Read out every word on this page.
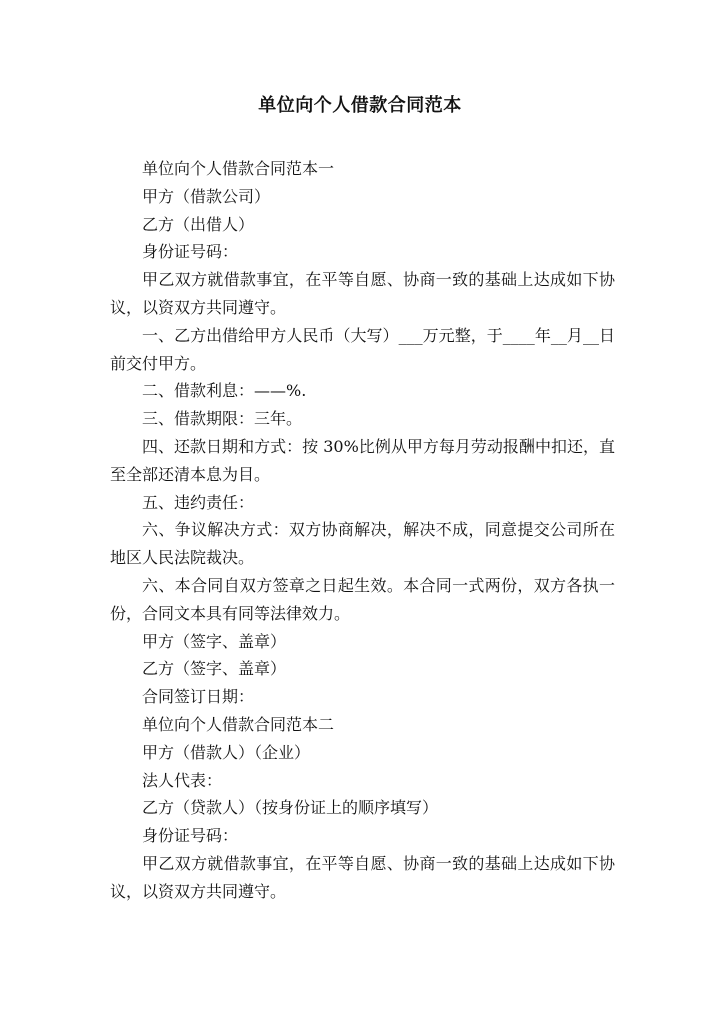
单位向个人借款合同范本

单位向个人借款合同范本一

甲方（借款公司）

乙方（出借人）

身份证号码：

甲乙双方就借款事宜，在平等自愿、协商一致的基础上达成如下协议，以资双方共同遵守。

一、乙方出借给甲方人民币（大写）___万元整，于____年__月__日前交付甲方。

二、借款利息：——%.

三、借款期限：三年。

四、还款日期和方式：按 30%比例从甲方每月劳动报酬中扣还，直至全部还清本息为目。

五、违约责任：

六、争议解决方式：双方协商解决，解决不成，同意提交公司所在地区人民法院裁决。

六、本合同自双方签章之日起生效。本合同一式两份，双方各执一份，合同文本具有同等法律效力。

甲方（签字、盖章）

乙方（签字、盖章）

合同签订日期：

单位向个人借款合同范本二

甲方（借款人）（企业）

法人代表：

乙方（贷款人）（按身份证上的顺序填写）

身份证号码：

甲乙双方就借款事宜，在平等自愿、协商一致的基础上达成如下协议，以资双方共同遵守。
